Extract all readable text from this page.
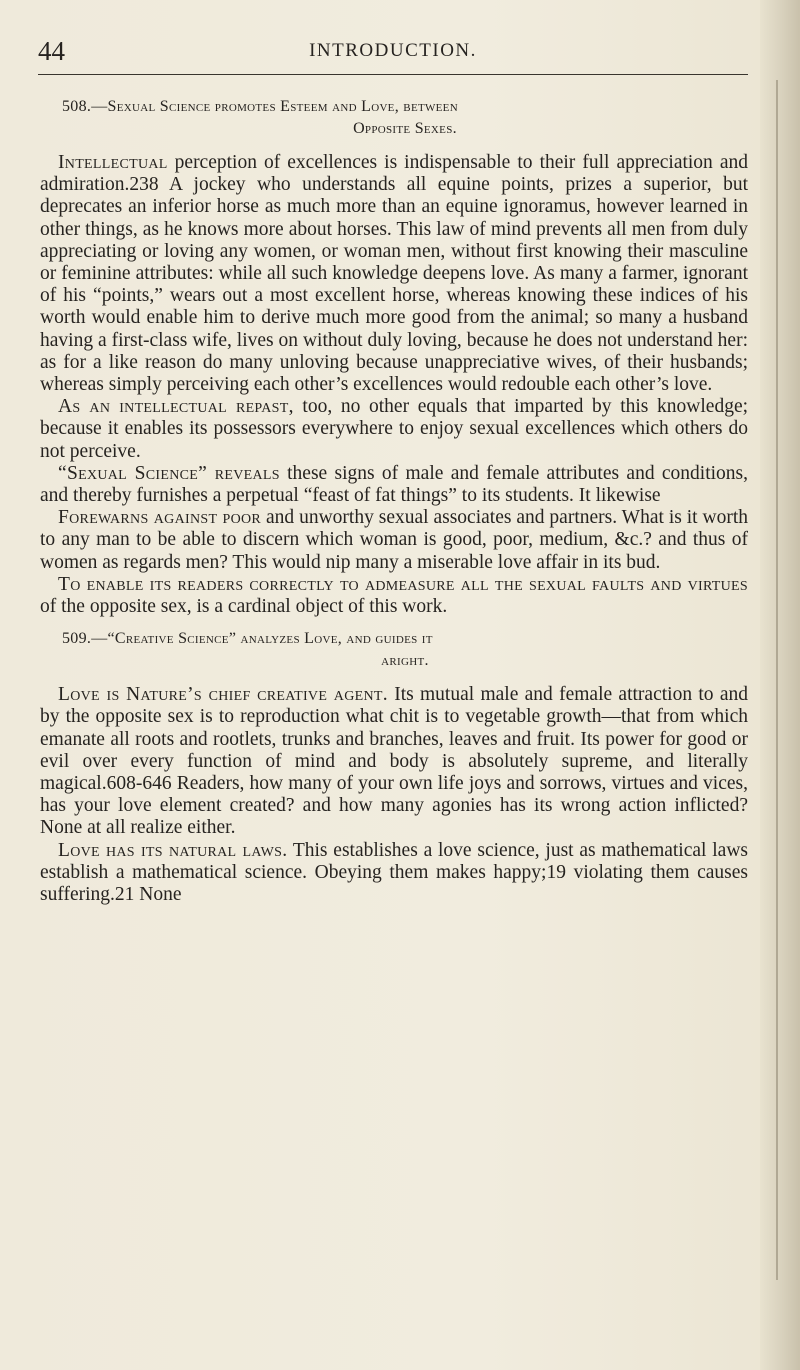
44	INTRODUCTION.
508.—Sexual Science promotes Esteem and Love, between
Opposite Sexes.

Intellectual perception of excellences is indispensable to their full appreciation and admiration.238 A jockey who understands all equine points, prizes a superior, but deprecates an inferior horse as much more than an equine ignoramus, however learned in other things, as he knows more about horses. This law of mind prevents all men from duly appreciating or loving any women, or woman men, without first knowing their masculine or feminine attributes: while all such knowledge deepens love. As many a farmer, ignorant of his “points,” wears out a most excellent horse, whereas knowing these indices of his worth would enable him to derive much more good from the animal; so many a husband having a first-class wife, lives on without duly loving, because he does not understand her: as for a like reason do many unloving because unappreciative wives, of their husbands; whereas simply perceiving each other’s excellences would redouble each other’s love.

As an intellectual repast, too, no other equals that imparted by this knowledge; because it enables its possessors everywhere to enjoy sexual excellences which others do not perceive.

“Sexual Science” reveals these signs of male and female attributes and conditions, and thereby furnishes a perpetual “feast of fat things” to its students. It likewise

Forewarns against poor and unworthy sexual associates and partners. What is it worth to any man to be able to discern which woman is good, poor, medium, &c.? and thus of women as regards men? This would nip many a miserable love affair in its bud.

To enable its readers correctly to admeasure all the sexual faults and virtues of the opposite sex, is a cardinal object of this work.

509.—“Creative Science” analyzes Love, and guides it
aright.

Love is Nature’s chief creative agent. Its mutual male and female attraction to and by the opposite sex is to reproduction what chit is to vegetable growth—that from which emanate all roots and rootlets, trunks and branches, leaves and fruit. Its power for good or evil over every function of mind and body is absolutely supreme, and literally magical.608-646 Readers, how many of your own life joys and sorrows, virtues and vices, has your love element created? and how many agonies has its wrong action inflicted? None at all realize either.

Love has its natural laws. This establishes a love science, just as mathematical laws establish a mathematical science. Obeying them makes happy;19 violating them causes suffering.21 None
